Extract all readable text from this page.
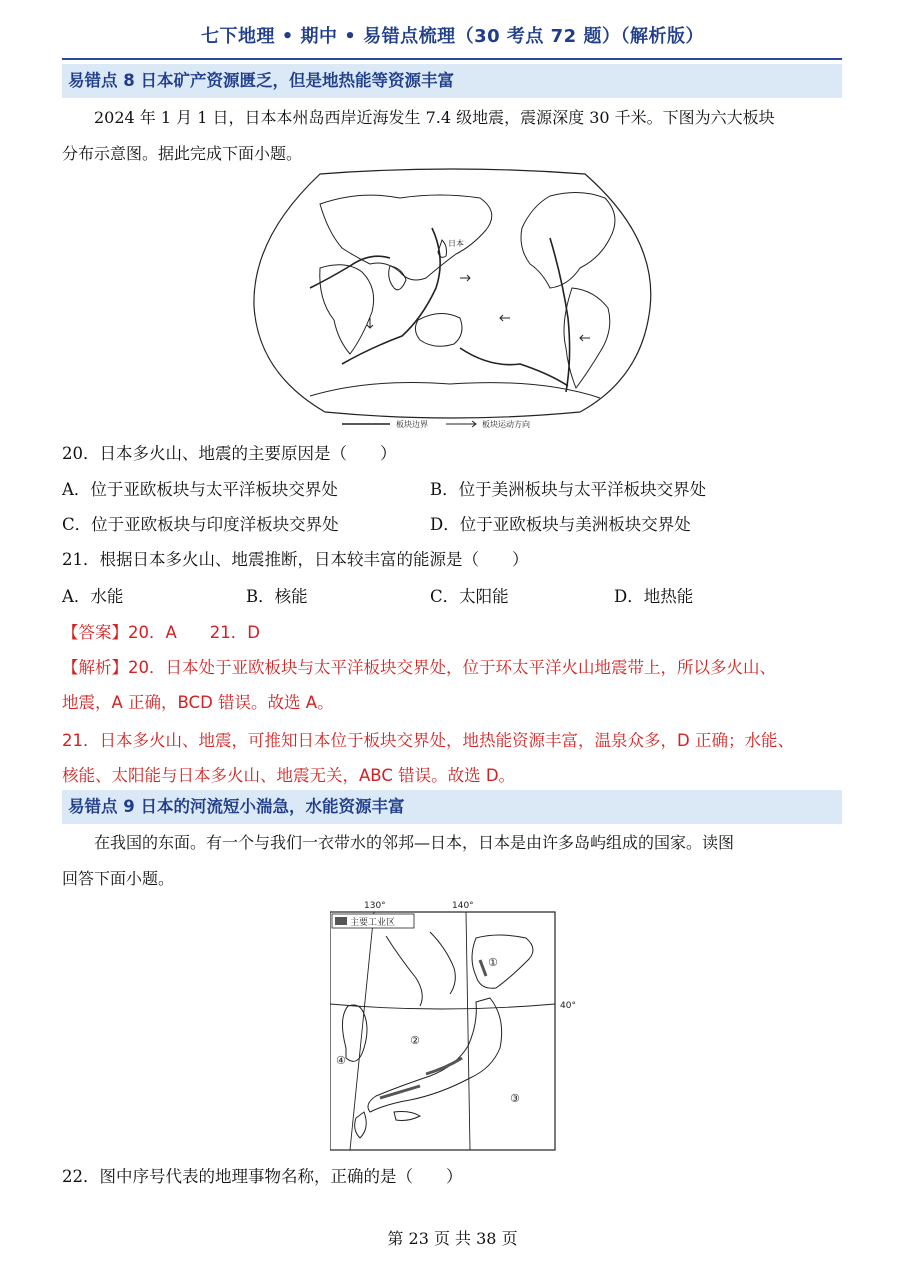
七下地理 • 期中 • 易错点梳理（30 考点 72 题）（解析版）
易错点 8 日本矿产资源匮乏，但是地热能等资源丰富
2024 年 1 月 1 日，日本本州岛西岸近海发生 7.4 级地震，震源深度 30 千米。下图为六大板块
分布示意图。据此完成下面小题。
日本
板块边界	板块运动方向
20．日本多火山、地震的主要原因是（　　）
A．位于亚欧板块与太平洋板块交界处	B．位于美洲板块与太平洋板块交界处
C．位于亚欧板块与印度洋板块交界处	D．位于亚欧板块与美洲板块交界处
21．根据日本多火山、地震推断，日本较丰富的能源是（　　）
A．水能	B．核能	C．太阳能	D．地热能
【答案】20．A　　21．D
【解析】20．日本处于亚欧板块与太平洋板块交界处，位于环太平洋火山地震带上，所以多火山、
地震，A 正确，BCD 错误。故选 A。
21．日本多火山、地震，可推知日本位于板块交界处，地热能资源丰富，温泉众多，D 正确；水能、
核能、太阳能与日本多火山、地震无关，ABC 错误。故选 D。
易错点 9 日本的河流短小湍急，水能资源丰富
在我国的东面。有一个与我们一衣带水的邻邦—日本，日本是由许多岛屿组成的国家。读图
回答下面小题。
130°	140°
40°
主要工业区
①
②
③
④
22．图中序号代表的地理事物名称，正确的是（　　）
第 23 页 共 38 页
